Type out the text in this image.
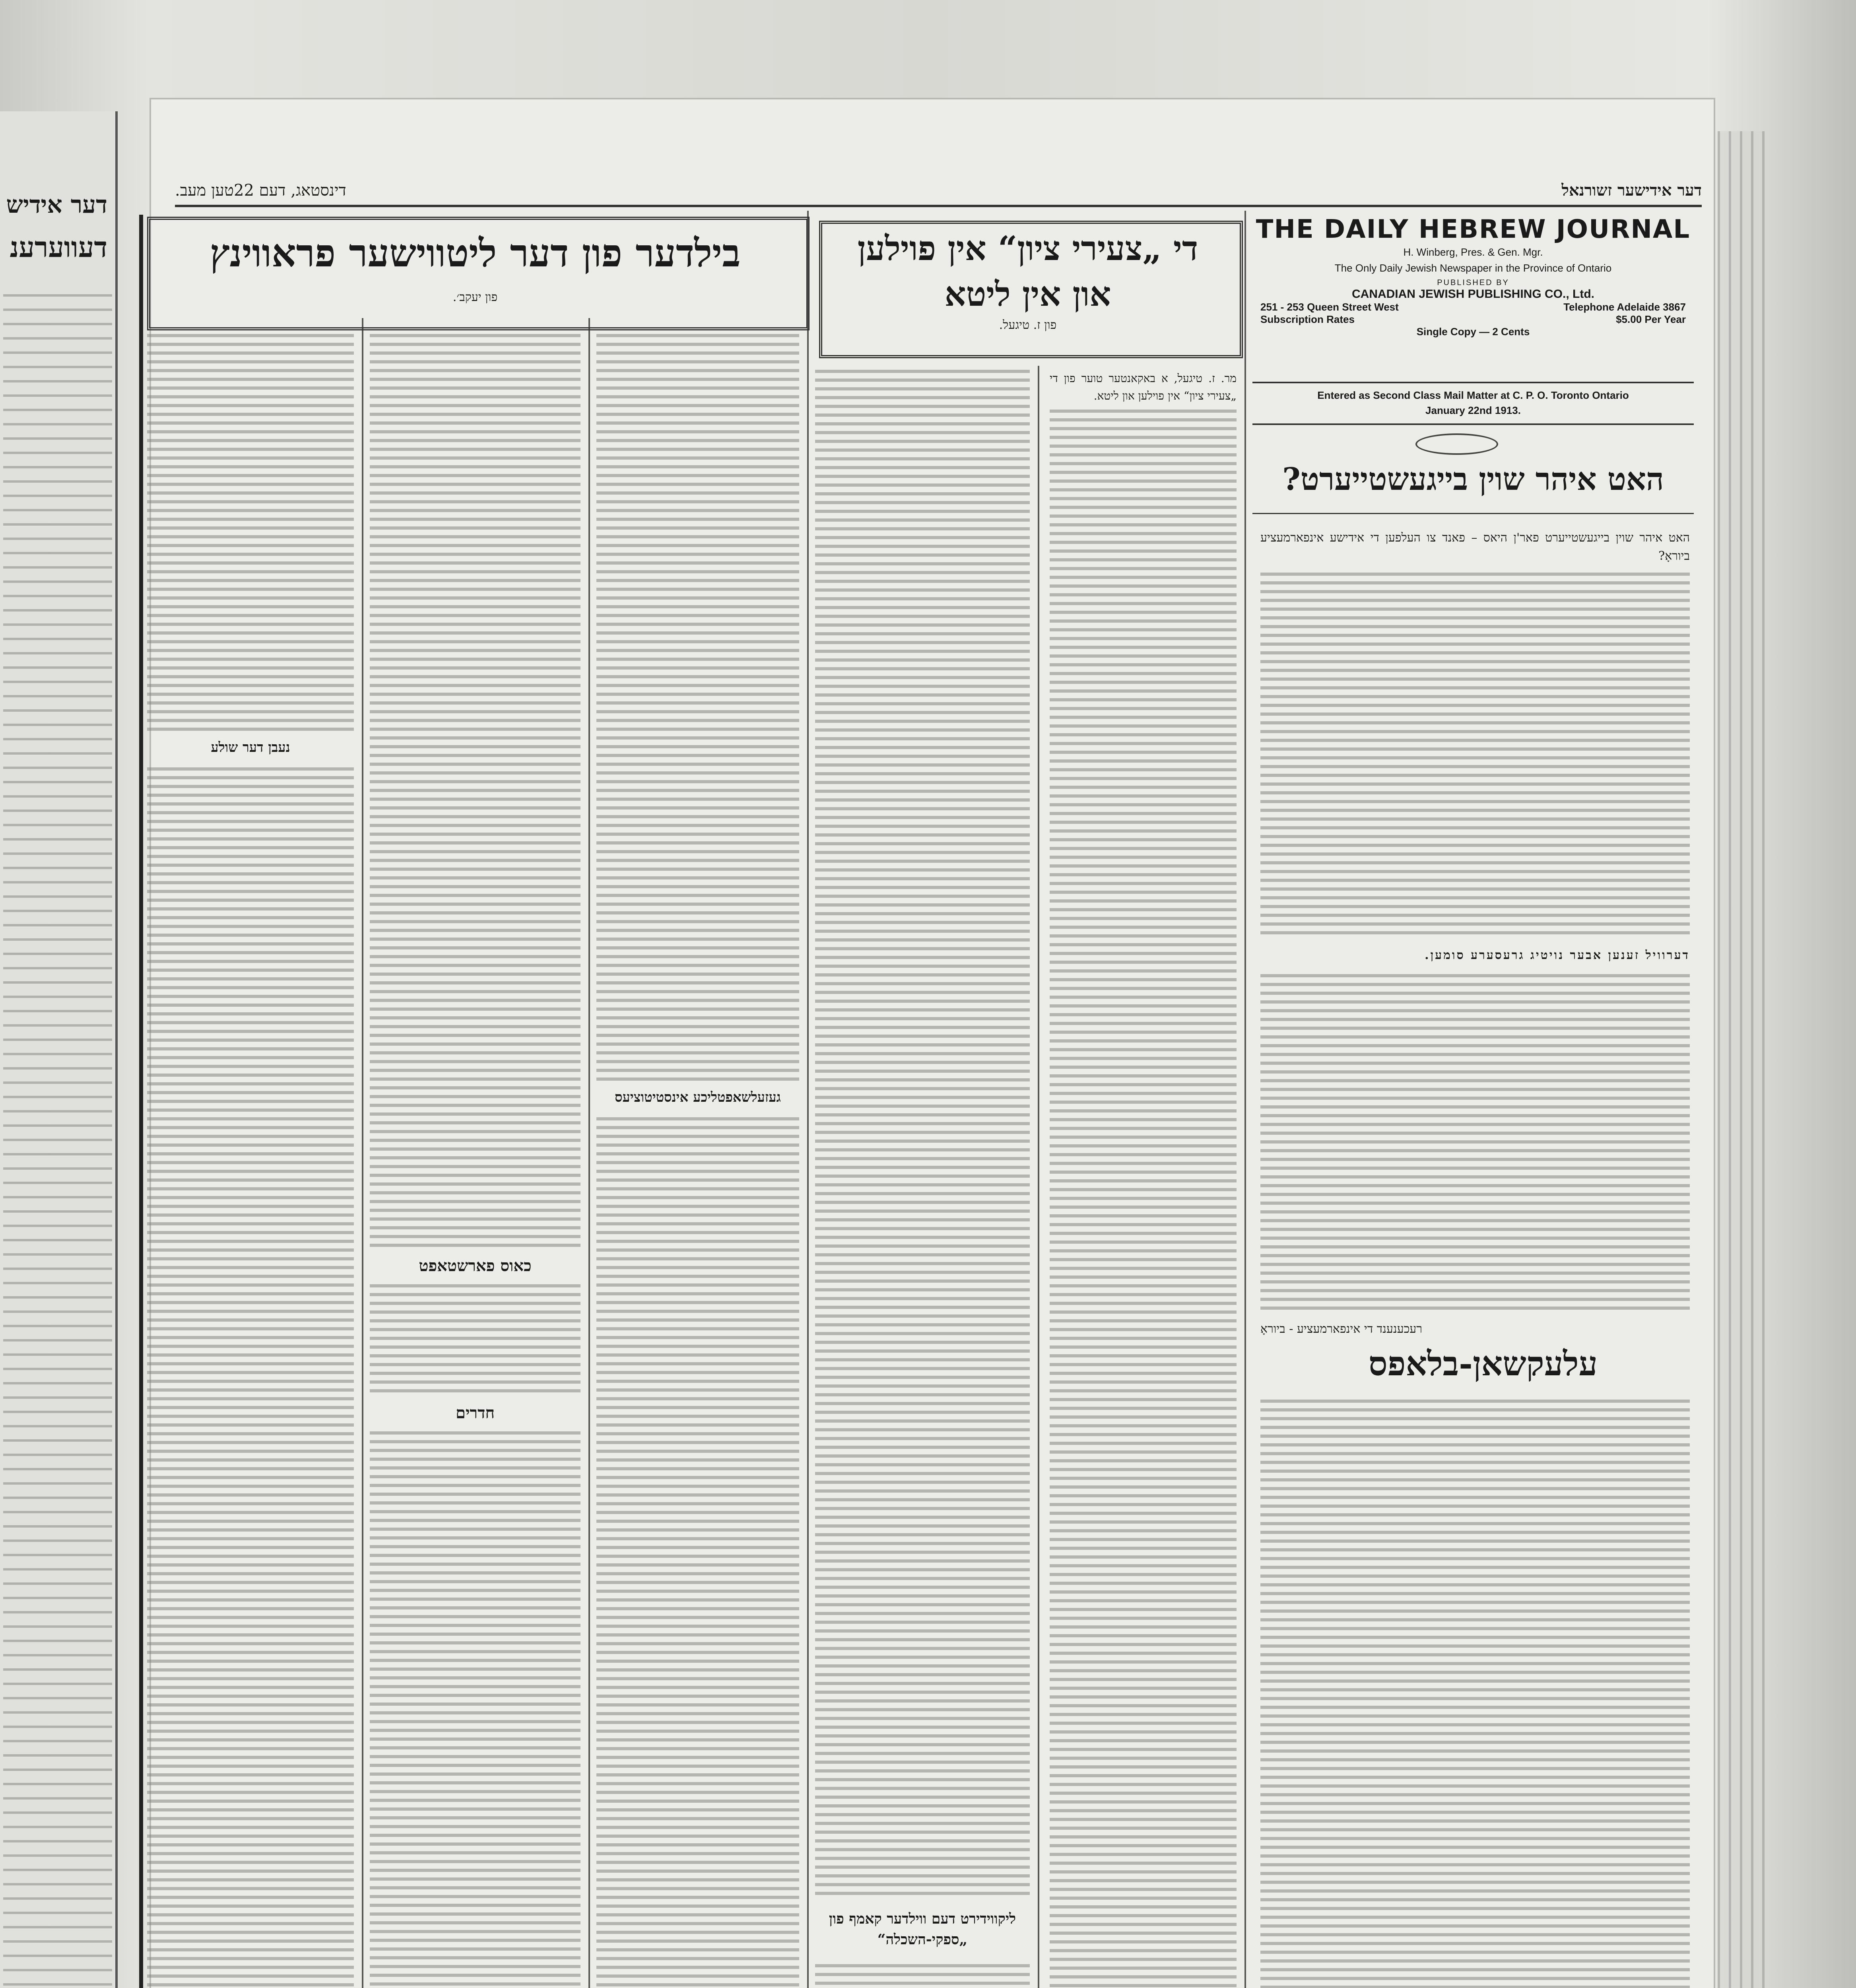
דער אידיש
דעווערענ
דינסטאג, דעם 22טען מעב.	דער אידישער זשורנאל
THE DAILY HEBREW JOURNAL
H. Winberg, Pres. & Gen. Mgr.
The Only Daily Jewish Newspaper in the Province of Ontario
PUBLISHED BY
CANADIAN JEWISH PUBLISHING CO., Ltd.
251 - 253 Queen Street West	Telephone Adelaide 3867
Subscription Rates	$5.00 Per Year
Single Copy — 2 Cents
Entered as Second Class Mail Matter at C. P. O. Toronto Ontario
January 22nd 1913.
האט איהר שוין בייגעשטייערט?
האט איהר שוין בייגעשטייערט פאר'ן היאס – פאנד צו העלפען די אידישע אינפארמעציע ביוראָ?
דערוויל זענען אבער נויטיג גרעסערע סומען.
רעכענענד די אינפארמעציע - ביוראָ
עלעקשאן-בלאפס
די „צעירי ציון“ אין פוילען
און אין ליטא
פון ז. טיגעל.
מר. ז. טיגעל, א באקאנטער טוער פון די „צעירי ציון“ אין פוילען און ליטא.
ליקווידירט דעם ווילדער קאמף פון „ספקי-השכלה“
בילדער פון דער ליטווישער פראווינץ
פון יעקב׳.
געזעלשאפטליכע אינסטיטוציעס
כאוס פארשטאפט
חדרים
נעבן דער שולע
